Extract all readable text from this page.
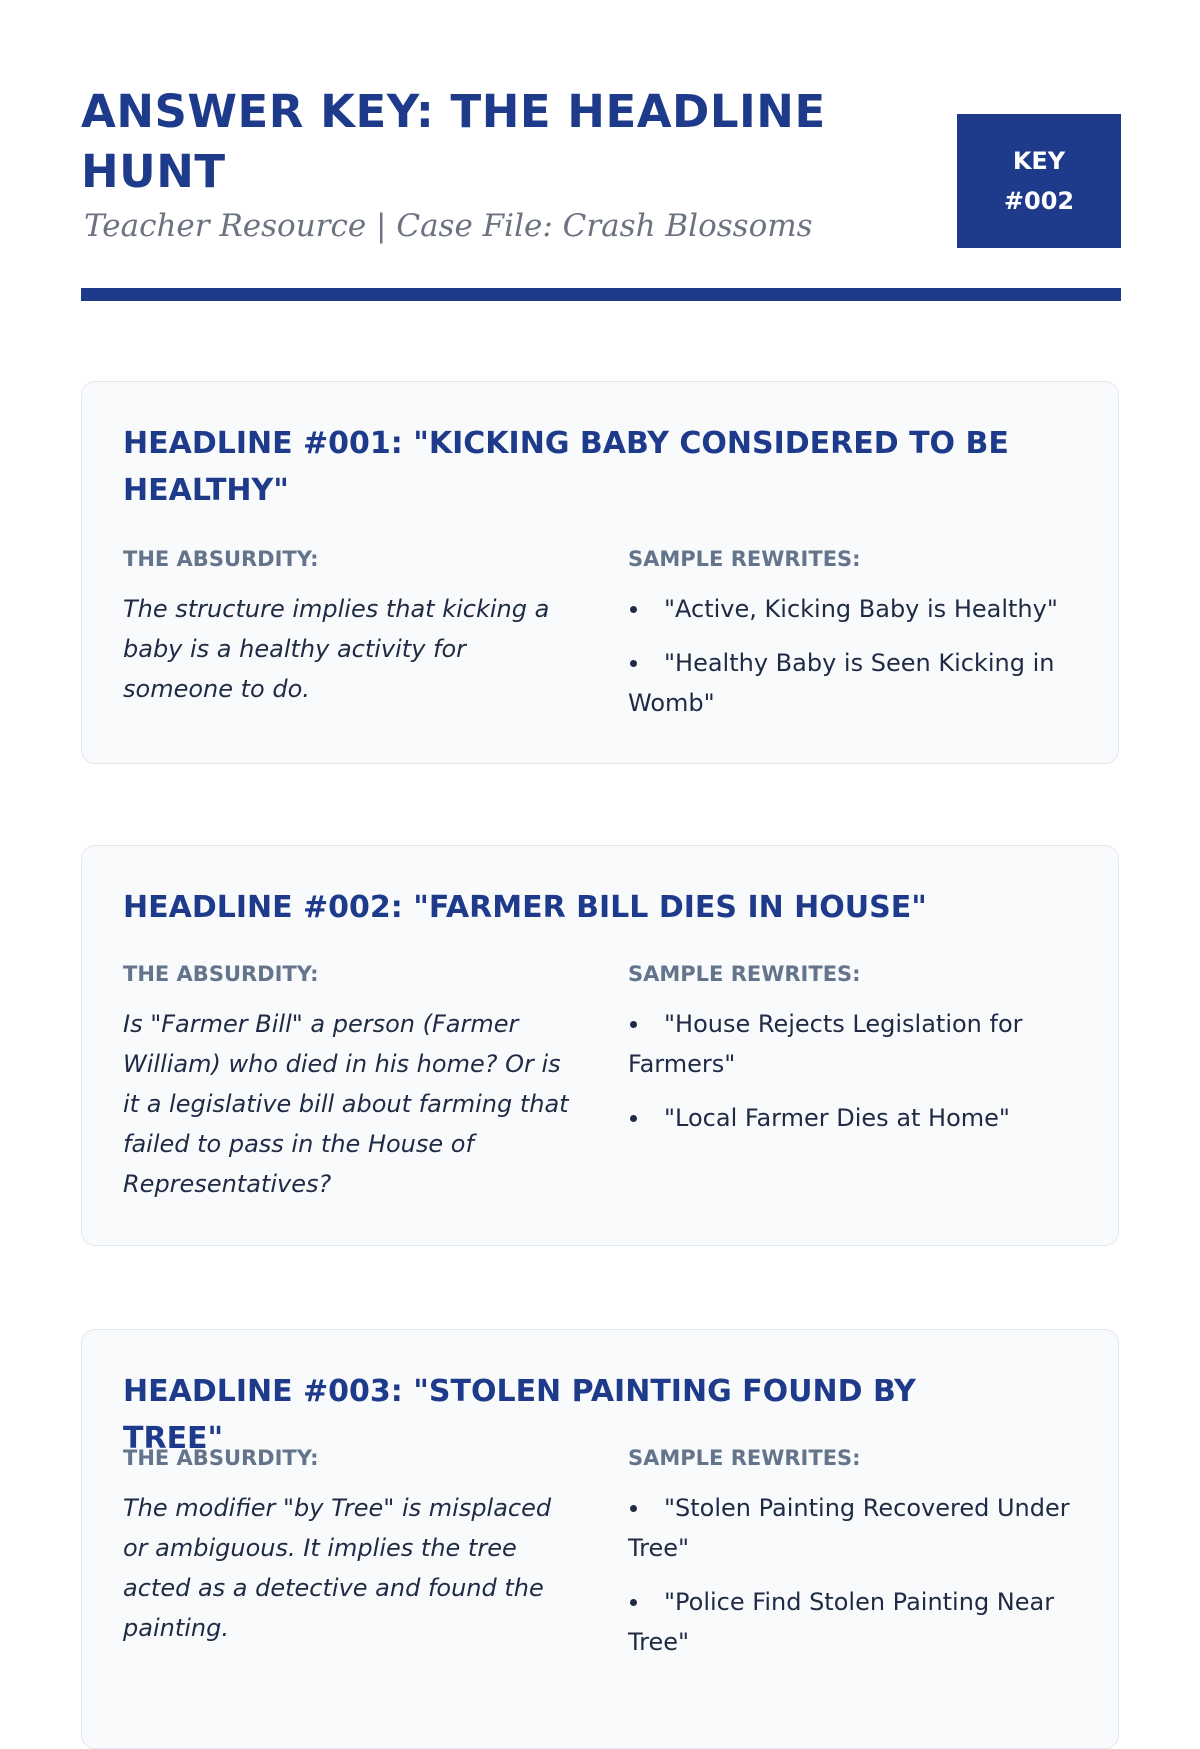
ANSWER KEY: THE HEADLINE HUNT

Teacher Resource | Case File: Crash Blossoms

KEY
#002
HEADLINE #001: "KICKING BABY CONSIDERED TO BE HEALTHY"

THE ABSURDITY:

The structure implies that kicking a baby is a healthy activity for someone to do.

SAMPLE REWRITES:

"Active, Kicking Baby is Healthy"
"Healthy Baby is Seen Kicking in Womb"
HEADLINE #002: "FARMER BILL DIES IN HOUSE"

THE ABSURDITY:

Is "Farmer Bill" a person (Farmer William) who died in his home? Or is it a legislative bill about farming that failed to pass in the House of Representatives?

SAMPLE REWRITES:

"House Rejects Legislation for Farmers"
"Local Farmer Dies at Home"
HEADLINE #003: "STOLEN PAINTING FOUND BY TREE"

THE ABSURDITY:

The modifier "by Tree" is misplaced or ambiguous. It implies the tree acted as a detective and found the painting.

SAMPLE REWRITES:

"Stolen Painting Recovered Under Tree"
"Police Find Stolen Painting Near Tree"
